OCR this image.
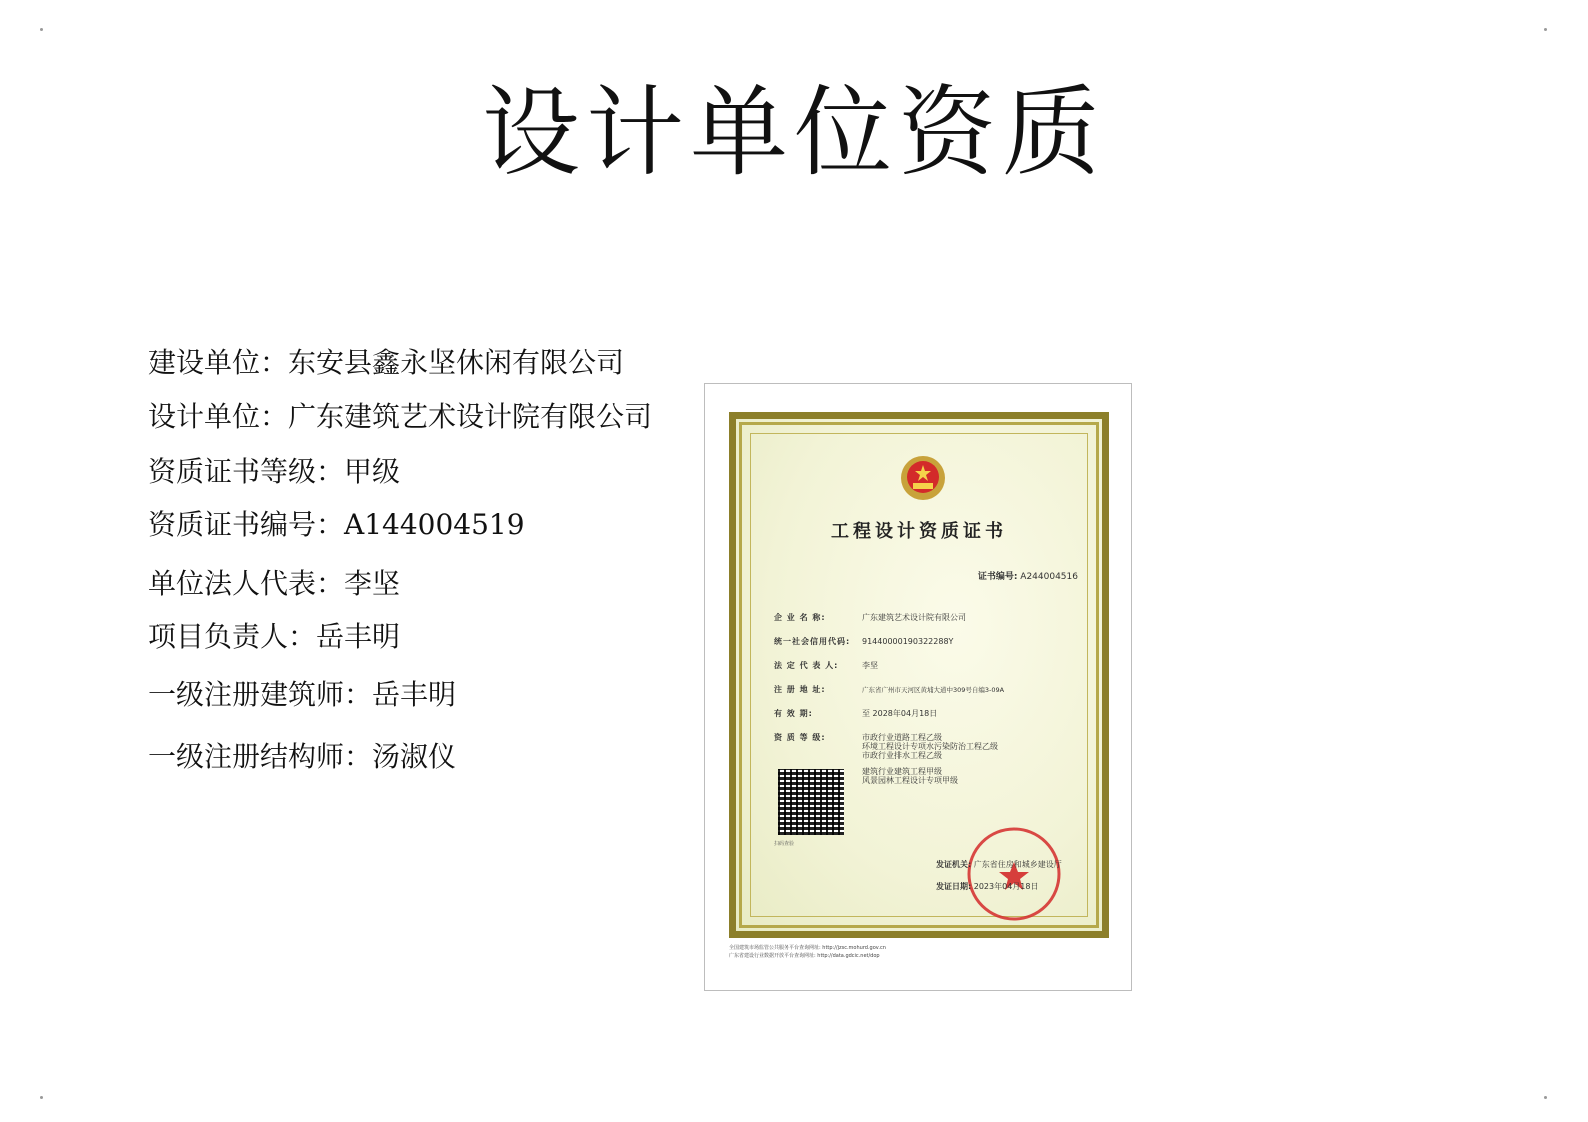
设计单位资质
建设单位：东安县鑫永坚休闲有限公司
设计单位：广东建筑艺术设计院有限公司
资质证书等级：甲级
资质证书编号：A144004519
单位法人代表：李坚
项目负责人：岳丰明
一级注册建筑师：岳丰明
一级注册结构师：汤淑仪
工程设计资质证书
证书编号: A244004516
企 业 名 称:	广东建筑艺术设计院有限公司
统一社会信用代码: 91440000190322288Y
法 定 代 表 人:	李坚
注 册 地 址:	广东省广州市天河区黄埔大道中309号自编3-09A
有 效 期:	至 2028年04月18日
资 质 等 级:	市政行业道路工程乙级
环境工程设计专项水污染防治工程乙级
市政行业排水工程乙级
建筑行业建筑工程甲级
风景园林工程设计专项甲级
扫码查验
发证机关: 广东省住房和城乡建设厅
发证日期: 2023年04月18日
全国建筑市场监管公共服务平台查询网址: http://jzsc.mohurd.gov.cn
广东省建设行业数据开放平台查询网址: http://data.gdcic.net/dop
